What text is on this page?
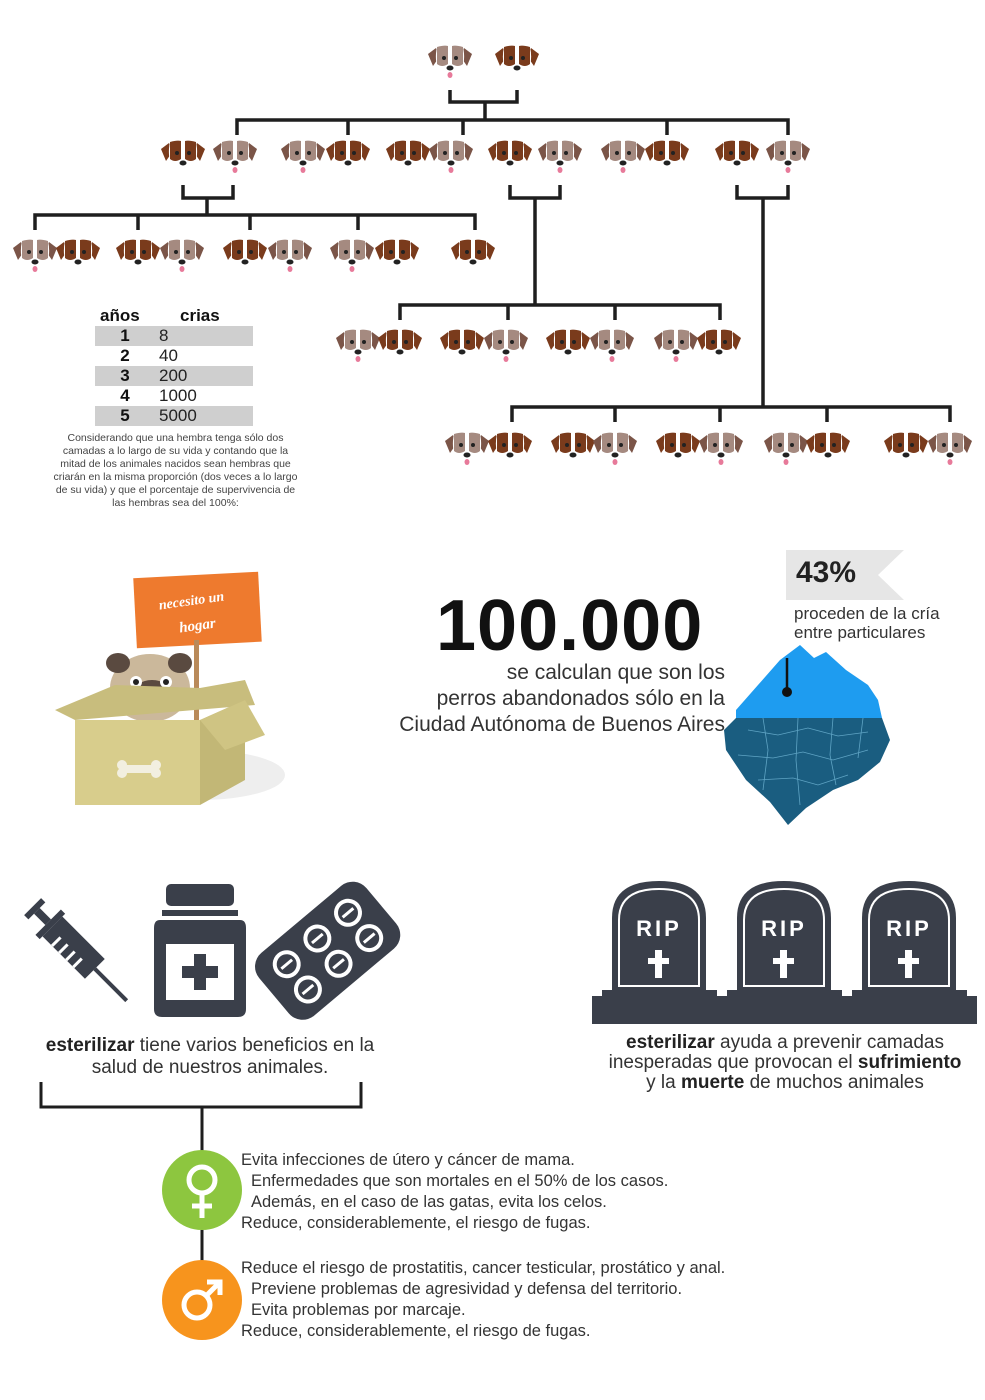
años crias
1	8
2	40
3	200
4	1000
5	5000
Considerando que una hembra tenga sólo dos camadas a lo largo de su vida y contando que la mitad de los animales nacidos sean hembras que criarán en la misma proporción (dos veces a lo largo de su vida) y que el porcentaje de supervivencia de las hembras sea del 100%:
necesito un
hogar	100.000
se calculan que son los
perros abandonados sólo en la
Ciudad Autónoma de Buenos Aires
43%
proceden de la cría
entre particulares
esterilizar tiene varios beneficios en la
salud de nuestros animales.
RIP	RIP	RIP
esterilizar ayuda a prevenir camadas
inesperadas que provocan el sufrimiento
y la muerte de muchos animales
Evita infecciones de útero y cáncer de mama.
Enfermedades que son mortales en el 50% de los casos.
Además, en el caso de las gatas, evita los celos.
Reduce, considerablemente, el riesgo de fugas.
Reduce el riesgo de prostatitis, cancer testicular, prostático y anal.
Previene problemas de agresividad y defensa del territorio.
Evita problemas por marcaje.
Reduce, considerablemente, el riesgo de fugas.
